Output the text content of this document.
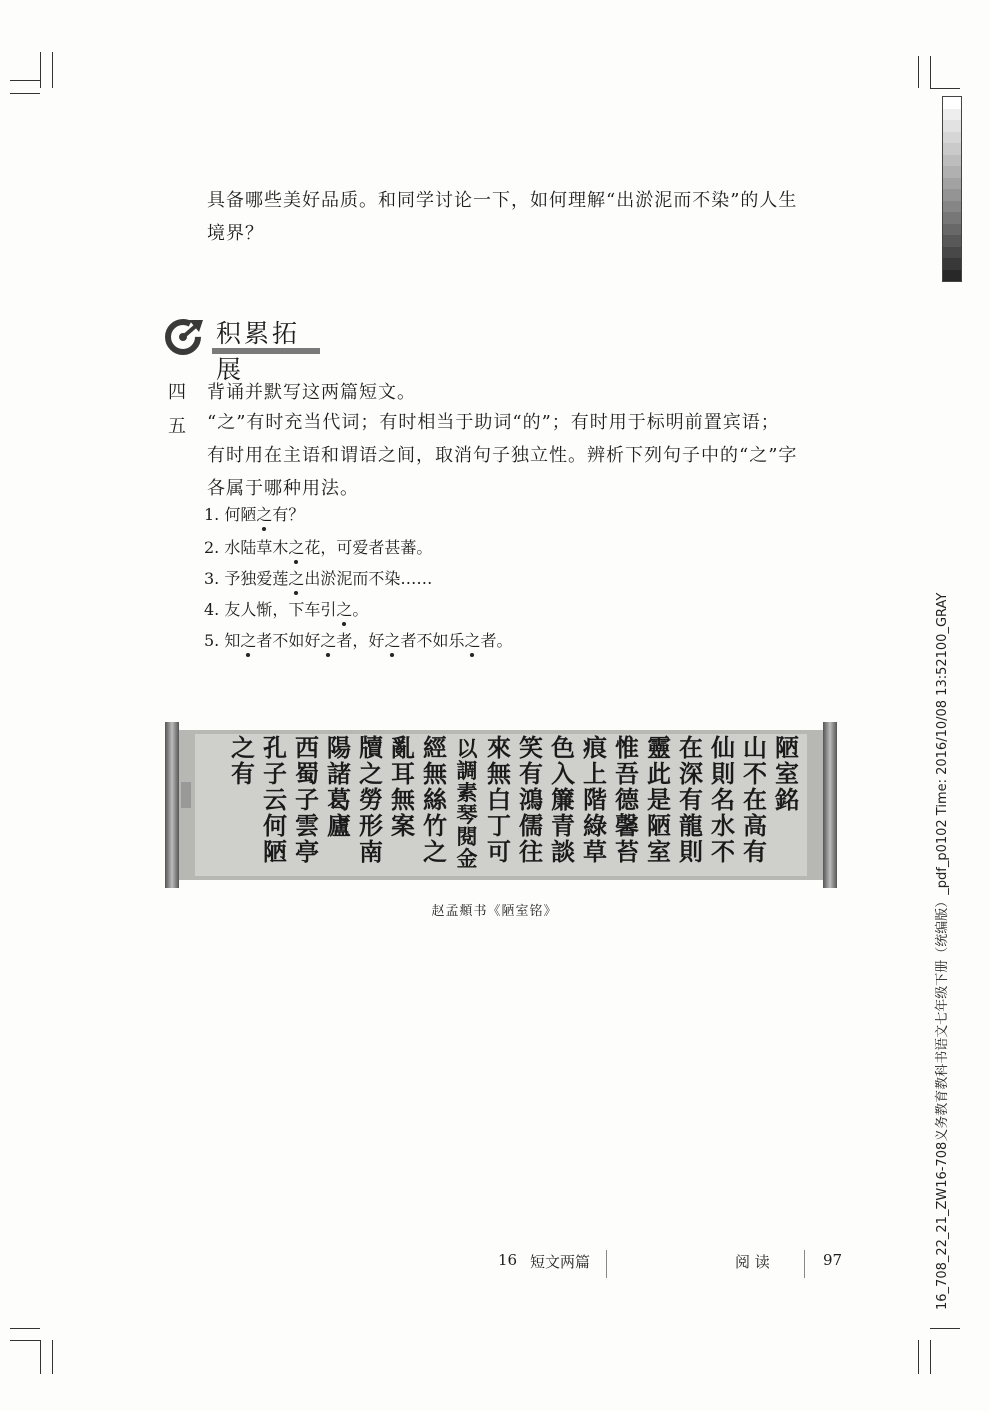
具备哪些美好品质。和同学讨论一下，如何理解“出淤泥而不染”的人生
境界？
积累拓展
四 背诵并默写这两篇短文。
五 “之”有时充当代词；有时相当于助词“的”；有时用于标明前置宾语；
有时用在主语和谓语之间，取消句子独立性。辨析下列句子中的“之”字
各属于哪种用法。
1. 何陋之有？
2. 水陆草木之花，可爱者甚蕃。
3. 予独爱莲之出淤泥而不染……
4. 友人惭，下车引之。
5. 知之者不如好之者，好之者不如乐之者。
陋
室
銘
山
不
在
高
有
仙
則
名
水
不
在
深
有
龍
則
靈
此
是
陋
室
惟
吾
德
馨
苔
痕
上
階
綠
草
色
入
簾
青
談
笑
有
鴻
儒
往
來
無
白
丁
可
以
調
素
琴
閱
金
經
無
絲
竹
之
亂
耳
無
案
牘
之
勞
形
南
陽
諸
葛
廬
西
蜀
子
雲
亭
孔
子
云
何
陋
之
有
赵孟頫书《陋室铭》
16 短文两篇	阅 读	97	16_708_22_21_ZW16-708义务教育教科书语文七年级下册（统编版）_pdf_p0102 Time: 2016/10/08 13:52100_GRAY
